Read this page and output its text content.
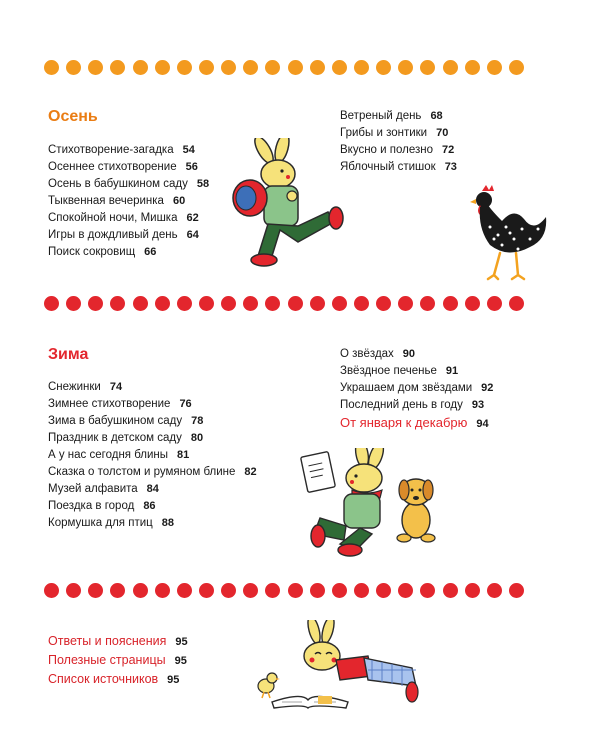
Осень
Стихотворение-загадка 54
Осеннее стихотворение 56
Осень в бабушкином саду 58
Тыквенная вечеринка 60
Спокойной ночи, Мишка 62
Игры в дождливый день 64
Поиск сокровищ 66
Ветреный день 68
Грибы и зонтики 70
Вкусно и полезно 72
Яблочный стишок 73
Зима
Снежинки 74
Зимнее стихотворение 76
Зима в бабушкином саду 78
Праздник в детском саду 80
А у нас сегодня блины 81
Сказка о толстом и румяном блине 82
Музей алфавита 84
Поездка в город 86
Кормушка для птиц 88
О звёздах 90
Звёздное печенье 91
Украшаем дом звёздами 92
Последний день в году 93
От января к декабрю 94
Ответы и пояснения 95
Полезные страницы 95
Список источников 95
